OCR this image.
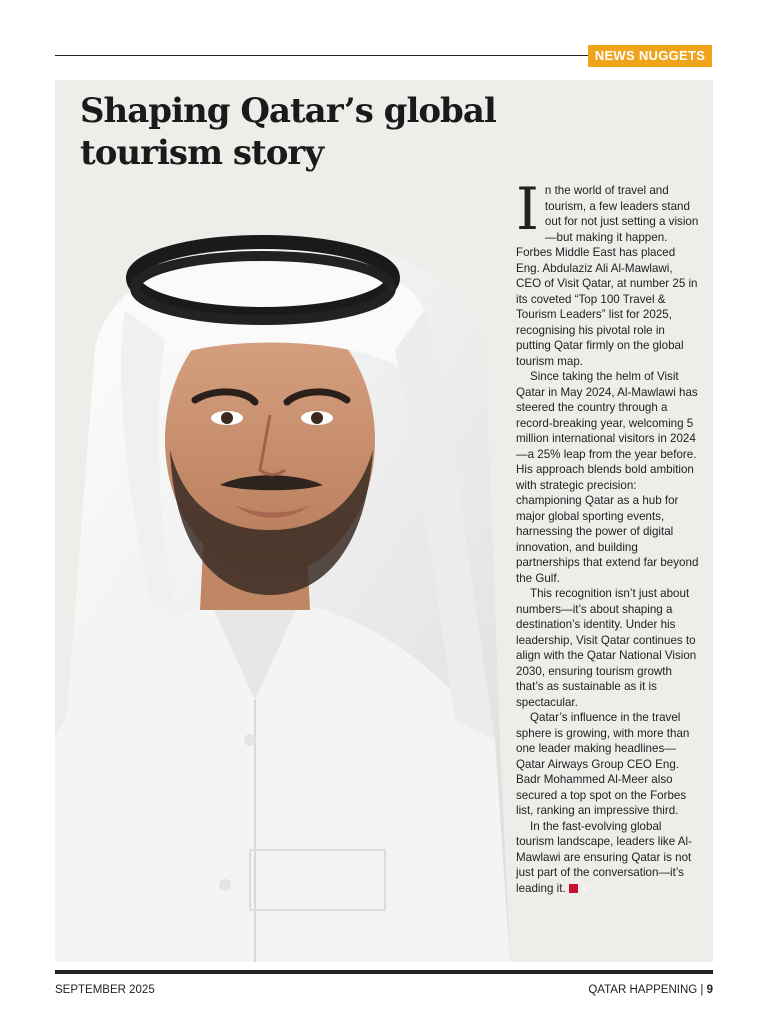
NEWS NUGGETS
Shaping Qatar’s global tourism story

In the world of travel and tourism, a few leaders stand out for not just setting a vision—but making it happen. Forbes Middle East has placed Eng. Abdulaziz Ali Al-Mawlawi, CEO of Visit Qatar, at number 25 in its coveted “Top 100 Travel & Tourism Leaders” list for 2025, recognising his pivotal role in putting Qatar firmly on the global tourism map.

Since taking the helm of Visit Qatar in May 2024, Al-Mawlawi has steered the country through a record-breaking year, welcoming 5 million international visitors in 2024—a 25% leap from the year before. His approach blends bold ambition with strategic precision: championing Qatar as a hub for major global sporting events, harnessing the power of digital innovation, and building partnerships that extend far beyond the Gulf.

This recognition isn’t just about numbers—it’s about shaping a destination’s identity. Under his leadership, Visit Qatar continues to align with the Qatar National Vision 2030, ensuring tourism growth that’s as sustainable as it is spectacular.

Qatar’s influence in the travel sphere is growing, with more than one leader making headlines—Qatar Airways Group CEO Eng. Badr Mohammed Al-Meer also secured a top spot on the Forbes list, ranking an impressive third.

In the fast-evolving global tourism landscape, leaders like Al-Mawlawi are ensuring Qatar is not just part of the conversation—it’s leading it. Q

SEPTEMBER 2025	QATAR HAPPENING | 9
